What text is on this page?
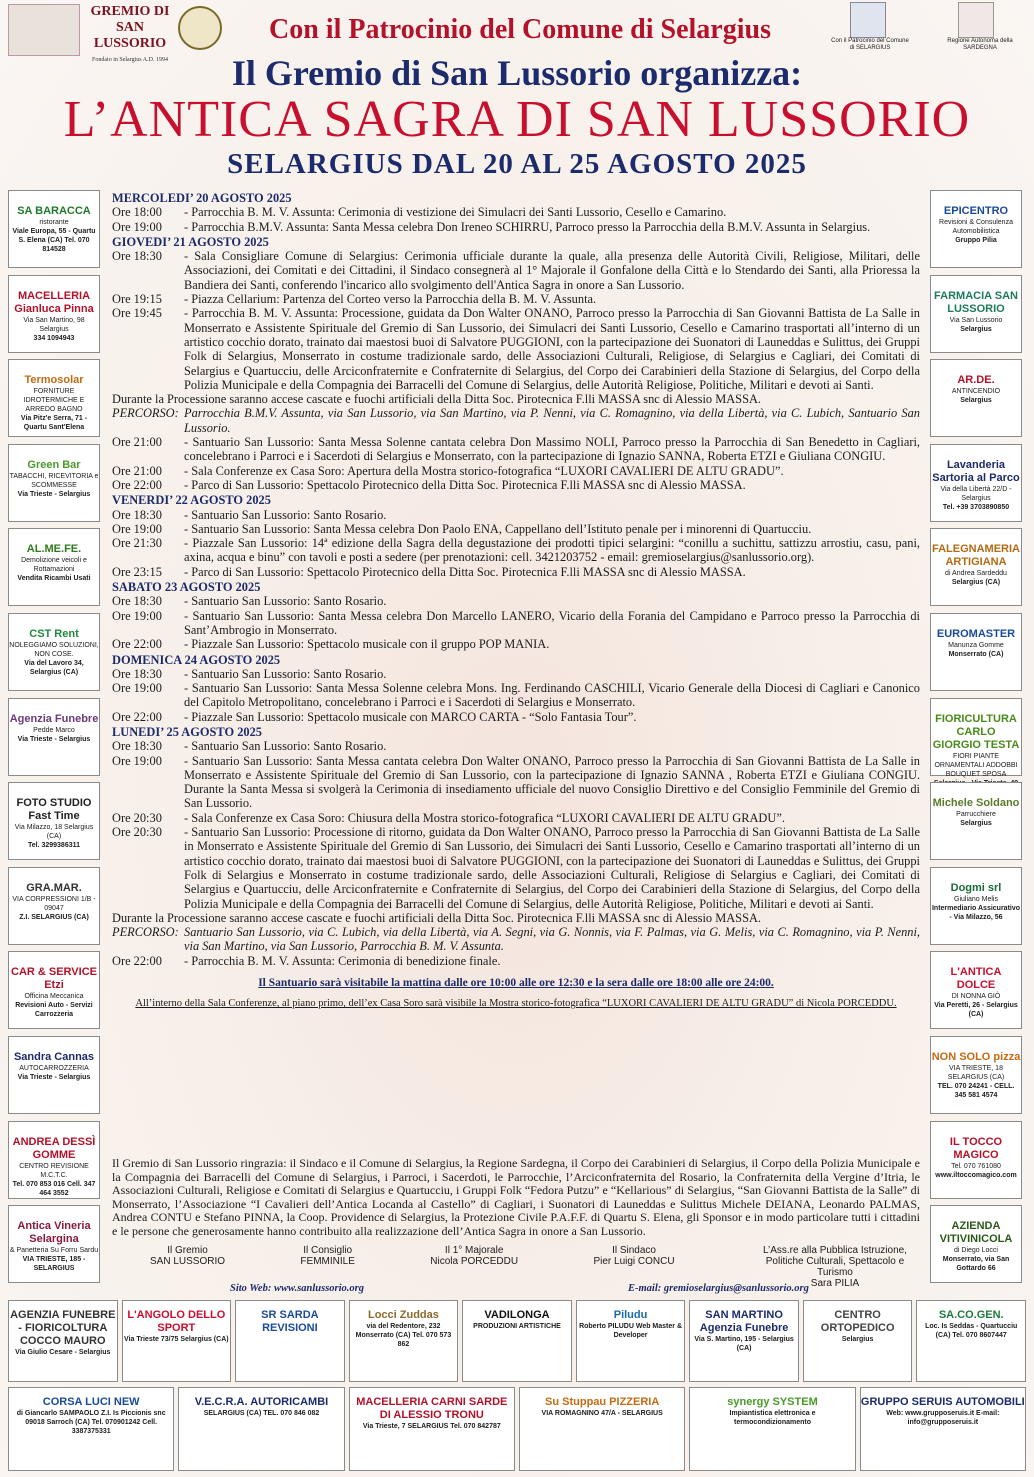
GREMIO DI SAN LUSSORIO
Fondato in Selargius A.D. 1994
Con il Patrocinio del Comune di Selargius	Con il Patrocinio del Comune di SELARGIUS
Regione Autonoma della SARDEGNA
Il Gremio di San Lussorio organizza:
L’ANTICA SAGRA DI SAN LUSSORIO
SELARGIUS DAL 20 AL 25 AGOSTO 2025
SA BARACCA
ristorante
Viale Europa, 55 - Quartu S. Elena (CA) Tel. 070 814528
MACELLERIA Gianluca Pinna
Via San Martino, 98 Selargius
334 1094943
Termosolar
FORNITURE IDROTERMICHE E ARREDO BAGNO
Via Pitz'e Serra, 71 - Quartu Sant'Elena
Green Bar
TABACCHI, RICEVITORIA e SCOMMESSE
Via Trieste - Selargius
AL.ME.FE.
Demolizione veicoli e Rottamazioni
Vendita Ricambi Usati
CST Rent
NOLEGGIAMO SOLUZIONI, NON COSE.
Via del Lavoro 34, Selargius (CA)
Agenzia Funebre
Pedde Marco
Via Trieste - Selargius
FOTO STUDIO Fast Time
Via Milazzo, 18 Selargius (CA)
Tel. 3299386311
GRA.MAR.
VIA CORPRESSIONI 1/B - 09047
Z.I. SELARGIUS (CA)
CAR & SERVICE Etzi
Officina Meccanica
Revisioni Auto - Servizi Carrozzeria
Sandra Cannas
AUTOCARROZZERIA
Via Trieste - Selargius
ANDREA DESSÌ GOMME
CENTRO REVISIONE M.C.T.C.
Tel. 070 853 016 Cell. 347 464 3552
Antica Vineria Selargina
& Panetteria Su Forru Sardu
VIA TRIESTE, 185 - SELARGIUS
EPICENTRO
Revisioni & Consulenza Automobilistica
Gruppo Pilia
FARMACIA SAN LUSSORIO
Via San Lussorio
Selargius
AR.DE.
ANTINCENDIO
Selargius
Lavanderia Sartoria al Parco
Via della Libertà 22/D - Selargius
Tel. +39 3703890850
FALEGNAMERIA ARTIGIANA
di Andrea Sardeddu
Selargius (CA)
EUROMASTER
Manunza Gomme
Monserrato (CA)
FIORICULTURA CARLO GIORGIO TESTA
FIORI PIANTE ORNAMENTALI ADDOBBI BOUQUET SPOSA
Michele Soldano
Parrucchiere
Selargius
Dogmi srl
Giuliano Melis
Intermediario Assicurativo - Via Milazzo, 56
L'ANTICA DOLCE
DI NONNA GIÒ
Via Peretti, 26 - Selargius (CA)
NON SOLO pizza
VIA TRIESTE, 18 SELARGIUS (CA)
TEL. 070 24241 - CELL. 345 581 4574
IL TOCCO MAGICO
Tel. 070 761080
www.iltoccomagico.com
AZIENDA VITIVINICOLA
di Diego Locci
Monserrato, via San Gottardo 66
MERCOLEDI’ 20 AGOSTO 2025
Ore 18:00	- Parrocchia B. M. V. Assunta: Cerimonia di vestizione dei Simulacri dei Santi Lussorio, Cesello e Camarino.
Ore 19:00	- Parrocchia B.M.V. Assunta: Santa Messa celebra Don Ireneo SCHIRRU, Parroco presso la Parrocchia della B.M.V. Assunta in Selargius.
GIOVEDI’ 21 AGOSTO 2025
Ore 18:30	- Sala Consigliare Comune di Selargius: Cerimonia ufficiale durante la quale, alla presenza delle Autorità Civili, Religiose, Militari, delle Associazioni, dei Comitati e dei Cittadini, il Sindaco consegnerà al 1° Majorale il Gonfalone della Città e lo Stendardo dei Santi, alla Prioressa la Bandiera dei Santi, conferendo l'incarico allo svolgimento dell'Antica Sagra in onore a San Lussorio.
Ore 19:15	- Piazza Cellarium: Partenza del Corteo verso la Parrocchia della B. M. V. Assunta.
Ore 19:45	- Parrocchia B. M. V. Assunta: Processione, guidata da Don Walter ONANO, Parroco presso la Parrocchia di San Giovanni Battista de La Salle in Monserrato e Assistente Spirituale del Gremio di San Lussorio, dei Simulacri dei Santi Lussorio, Cesello e Camarino trasportati all’interno di un artistico cocchio dorato, trainato dai maestosi buoi di Salvatore PUGGIONI, con la partecipazione dei Suonatori di Launeddas e Sulittus, dei Gruppi Folk di Selargius, Monserrato in costume tradizionale sardo, delle Associazioni Culturali, Religiose, di Selargius e Cagliari, dei Comitati di Selargius e Quartucciu, delle Arciconfraternite e Confraternite di Selargius, del Corpo dei Carabinieri della Stazione di Selargius, del Corpo della Polizia Municipale e della Compagnia dei Barracelli del Comune di Selargius, delle Autorità Religiose, Politiche, Militari e devoti ai Santi.
Durante la Processione saranno accese cascate e fuochi artificiali della Ditta Soc. Pirotecnica F.lli MASSA snc di Alessio MASSA.
PERCORSO: Parrocchia B.M.V. Assunta, via San Lussorio, via San Martino, via P. Nenni, via C. Romagnino, via della Libertà, via C. Lubich, Santuario San Lussorio.
Ore 21:00	- Santuario San Lussorio: Santa Messa Solenne cantata celebra Don Massimo NOLI, Parroco presso la Parrocchia di San Benedetto in Cagliari, concelebrano i Parroci e i Sacerdoti di Selargius e Monserrato, con la partecipazione di Ignazio SANNA, Roberta ETZI e Giuliana CONGIU.
Ore 21:00	- Sala Conferenze ex Casa Soro: Apertura della Mostra storico-fotografica “LUXORI CAVALIERI DE ALTU GRADU”.
Ore 22:00	- Parco di San Lussorio: Spettacolo Pirotecnico della Ditta Soc. Pirotecnica F.lli MASSA snc di Alessio MASSA.
VENERDI’ 22 AGOSTO 2025
Ore 18:30	- Santuario San Lussorio: Santo Rosario.
Ore 19:00	- Santuario San Lussorio: Santa Messa celebra Don Paolo ENA, Cappellano dell’Istituto penale per i minorenni di Quartucciu.
Ore 21:30	- Piazzale San Lussorio: 14ª edizione della Sagra della degustazione dei prodotti tipici selargini: “conillu a suchittu, sattizzu arrostiu, casu, pani, axina, acqua e binu” con tavoli e posti a sedere (per prenotazioni: cell. 3421203752 - email: gremioselargius@sanlussorio.org).
Ore 23:15	- Parco di San Lussorio: Spettacolo Pirotecnico della Ditta Soc. Pirotecnica F.lli MASSA snc di Alessio MASSA.
SABATO 23 AGOSTO 2025
Ore 18:30	- Santuario San Lussorio: Santo Rosario.
Ore 19:00	- Santuario San Lussorio: Santa Messa celebra Don Marcello LANERO, Vicario della Forania del Campidano e Parroco presso la Parrocchia di Sant’Ambrogio in Monserrato.
Ore 22:00	- Piazzale San Lussorio: Spettacolo musicale con il gruppo POP MANIA.
DOMENICA 24 AGOSTO 2025
Ore 18:30	- Santuario San Lussorio: Santo Rosario.
Ore 19:00	- Santuario San Lussorio: Santa Messa Solenne celebra Mons. Ing. Ferdinando CASCHILI, Vicario Generale della Diocesi di Cagliari e Canonico del Capitolo Metropolitano, concelebrano i Parroci e i Sacerdoti di Selargius e Monserrato.
Ore 22:00	- Piazzale San Lussorio: Spettacolo musicale con MARCO CARTA - “Solo Fantasia Tour”.
LUNEDI’ 25 AGOSTO 2025
Ore 18:30	- Santuario San Lussorio: Santo Rosario.
Ore 19:00	- Santuario San Lussorio: Santa Messa cantata celebra Don Walter ONANO, Parroco presso la Parrocchia di San Giovanni Battista de La Salle in Monserrato e Assistente Spirituale del Gremio di San Lussorio, con la partecipazione di Ignazio SANNA , Roberta ETZI e Giuliana CONGIU. Durante la Santa Messa si svolgerà la Cerimonia di insediamento ufficiale del nuovo Consiglio Direttivo e del Consiglio Femminile del Gremio di San Lussorio.
Ore 20:30	- Sala Conferenze ex Casa Soro: Chiusura della Mostra storico-fotografica “LUXORI CAVALIERI DE ALTU GRADU”.
Ore 20:30	- Santuario San Lussorio: Processione di ritorno, guidata da Don Walter ONANO, Parroco presso la Parrocchia di San Giovanni Battista de La Salle in Monserrato e Assistente Spirituale del Gremio di San Lussorio, dei Simulacri dei Santi Lussorio, Cesello e Camarino trasportati all’interno di un artistico cocchio dorato, trainato dai maestosi buoi di Salvatore PUGGIONI, con la partecipazione dei Suonatori di Launeddas e Sulittus, dei Gruppi Folk di Selargius e Monserrato in costume tradizionale sardo, delle Associazioni Culturali, Religiose di Selargius e Cagliari, dei Comitati di Selargius e Quartucciu, delle Arciconfraternite e Confraternite di Selargius, del Corpo dei Carabinieri della Stazione di Selargius, del Corpo della Polizia Municipale e della Compagnia dei Barracelli del Comune di Selargius, delle Autorità Religiose, Politiche, Militari e devoti ai Santi.
Durante la Processione saranno accese cascate e fuochi artificiali della Ditta Soc. Pirotecnica F.lli MASSA snc di Alessio MASSA.
PERCORSO: Santuario San Lussorio, via C. Lubich, via della Libertà, via A. Segni, via G. Nonnis, via F. Palmas, via G. Melis, via C. Romagnino, via P. Nenni, via San Martino, via San Lussorio, Parrocchia B. M. V. Assunta.
Ore 22:00	- Parrocchia B. M. V. Assunta: Cerimonia di benedizione finale.
Il Santuario sarà visitabile la mattina dalle ore 10:00 alle ore 12:30 e la sera dalle ore 18:00 alle ore 24:00.
All’interno della Sala Conferenze, al piano primo, dell’ex Casa Soro sarà visibile la Mostra storico-fotografica “LUXORI CAVALIERI DE ALTU GRADU” di Nicola PORCEDDU.
Il Gremio di San Lussorio ringrazia: il Sindaco e il Comune di Selargius, la Regione Sardegna, il Corpo dei Carabinieri di Selargius, il Corpo della Polizia Municipale e la Compagnia dei Barracelli del Comune di Selargius, i Parroci, i Sacerdoti, le Parrocchie, l’Arciconfraternita del Rosario, la Confraternita della Vergine d’Itria, le Associazioni Culturali, Religiose e Comitati di Selargius e Quartucciu, i Gruppi Folk “Fedora Putzu” e “Kellarious” di Selargius, “San Giovanni Battista de la Salle” di Monserrato, l’Associazione “I Cavalieri dell’Antica Locanda al Castello” di Cagliari, i Suonatori di Launeddas e Sulittus Michele DEIANA, Leonardo PALMAS, Andrea CONTU e Stefano PINNA, la Coop. Providence di Selargius, la Protezione Civile P.A.F.F. di Quartu S. Elena, gli Sponsor e in modo particolare tutti i cittadini e le persone che generosamente hanno contribuito alla realizzazione dell’Antica Sagra in onore a San Lussorio.
Il Gremio
SAN LUSSORIO
Il Consiglio
FEMMINILE
Il 1° Majorale
Nicola PORCEDDU
Il Sindaco
Pier Luigi CONCU
L’Ass.re alla Pubblica Istruzione, Politiche Culturali, Spettacolo e Turismo
Sara PILIA
Sito Web: www.sanlussorio.org	E-mail: gremioselargius@sanlussorio.org
AGENZIA FUNEBRE - FIORICOLTURA COCCO MAURO
Via Giulio Cesare - Selargius
L'ANGOLO DELLO SPORT
Via Trieste 73/75 Selargius (CA)
SR SARDA REVISIONI
Locci Zuddas
via del Redentore, 232 Monserrato (CA) Tel. 070 573 862
VADILONGA
PRODUZIONI ARTISTICHE
Piludu
Roberto PILUDU Web Master & Developer
SAN MARTINO Agenzia Funebre
Via S. Martino, 195 - Selargius (CA)
CENTRO ORTOPEDICO
Selargius
SA.CO.GEN.
Loc. Is Seddas - Quartucciu (CA) Tel. 070 8607447
CORSA LUCI NEW
di Giancarlo SAMPAOLO Z.I. Is Piccionis snc 09018 Sarroch (CA) Tel. 070901242 Cell. 3387375331
V.E.C.R.A. AUTORICAMBI
SELARGIUS (CA) TEL. 070 846 082
MACELLERIA CARNI SARDE DI ALESSIO TRONU
Via Trieste, 7 SELARGIUS Tel. 070 842787
Su Stuppau PIZZERIA
VIA ROMAGNINO 47/A - SELARGIUS
synergy SYSTEM
Impiantistica elettronica e termocondizionamento
GRUPPO SERUIS AUTOMOBILI
Web: www.grupposeruis.it E-mail: info@grupposeruis.it
